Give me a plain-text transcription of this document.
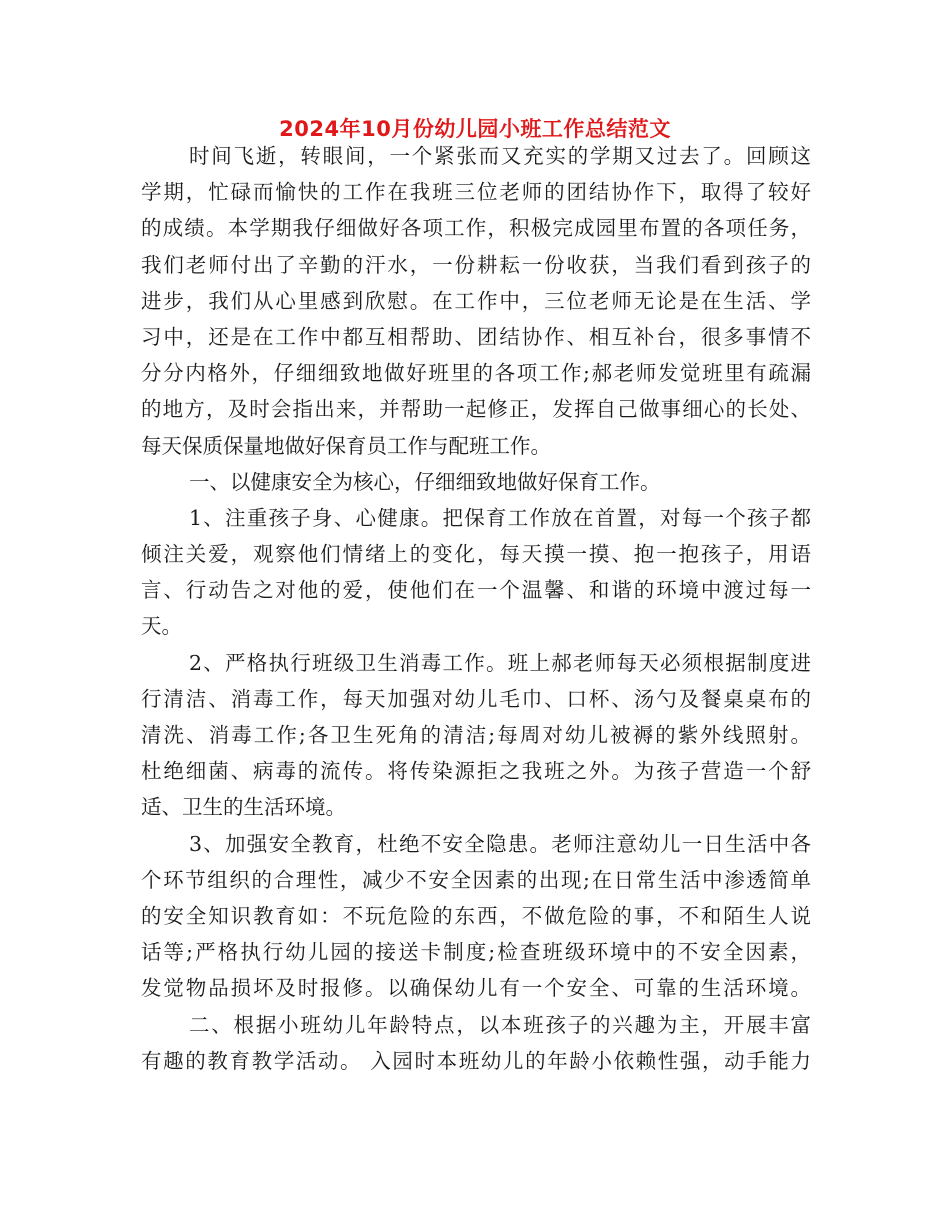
2024年10月份幼儿园小班工作总结范文
时间飞逝，转眼间，一个紧张而又充实的学期又过去了。回顾这
学期，忙碌而愉快的工作在我班三位老师的团结协作下，取得了较好
的成绩。本学期我仔细做好各项工作，积极完成园里布置的各项任务，
我们老师付出了辛勤的汗水，一份耕耘一份收获，当我们看到孩子的
进步，我们从心里感到欣慰。在工作中，三位老师无论是在生活、学
习中，还是在工作中都互相帮助、团结协作、相互补台，很多事情不
分分内格外，仔细细致地做好班里的各项工作;郝老师发觉班里有疏漏
的地方，及时会指出来，并帮助一起修正，发挥自己做事细心的长处、
每天保质保量地做好保育员工作与配班工作。
一、以健康安全为核心，仔细细致地做好保育工作。
1、注重孩子身、心健康。把保育工作放在首置，对每一个孩子都
倾注关爱，观察他们情绪上的变化，每天摸一摸、抱一抱孩子，用语
言、行动告之对他的爱，使他们在一个温馨、和谐的环境中渡过每一
天。
2、严格执行班级卫生消毒工作。班上郝老师每天必须根据制度进
行清洁、消毒工作，每天加强对幼儿毛巾、口杯、汤勺及餐桌桌布的
清洗、消毒工作;各卫生死角的清洁;每周对幼儿被褥的紫外线照射。
杜绝细菌、病毒的流传。将传染源拒之我班之外。为孩子营造一个舒
适、卫生的生活环境。
3、加强安全教育，杜绝不安全隐患。老师注意幼儿一日生活中各
个环节组织的合理性，减少不安全因素的出现;在日常生活中渗透简单
的安全知识教育如：不玩危险的东西，不做危险的事，不和陌生人说
话等;严格执行幼儿园的接送卡制度;检查班级环境中的不安全因素，
发觉物品损坏及时报修。以确保幼儿有一个安全、可靠的生活环境。
二、根据小班幼儿年龄特点，以本班孩子的兴趣为主，开展丰富
有趣的教育教学活动。 入园时本班幼儿的年龄小依赖性强，动手能力
